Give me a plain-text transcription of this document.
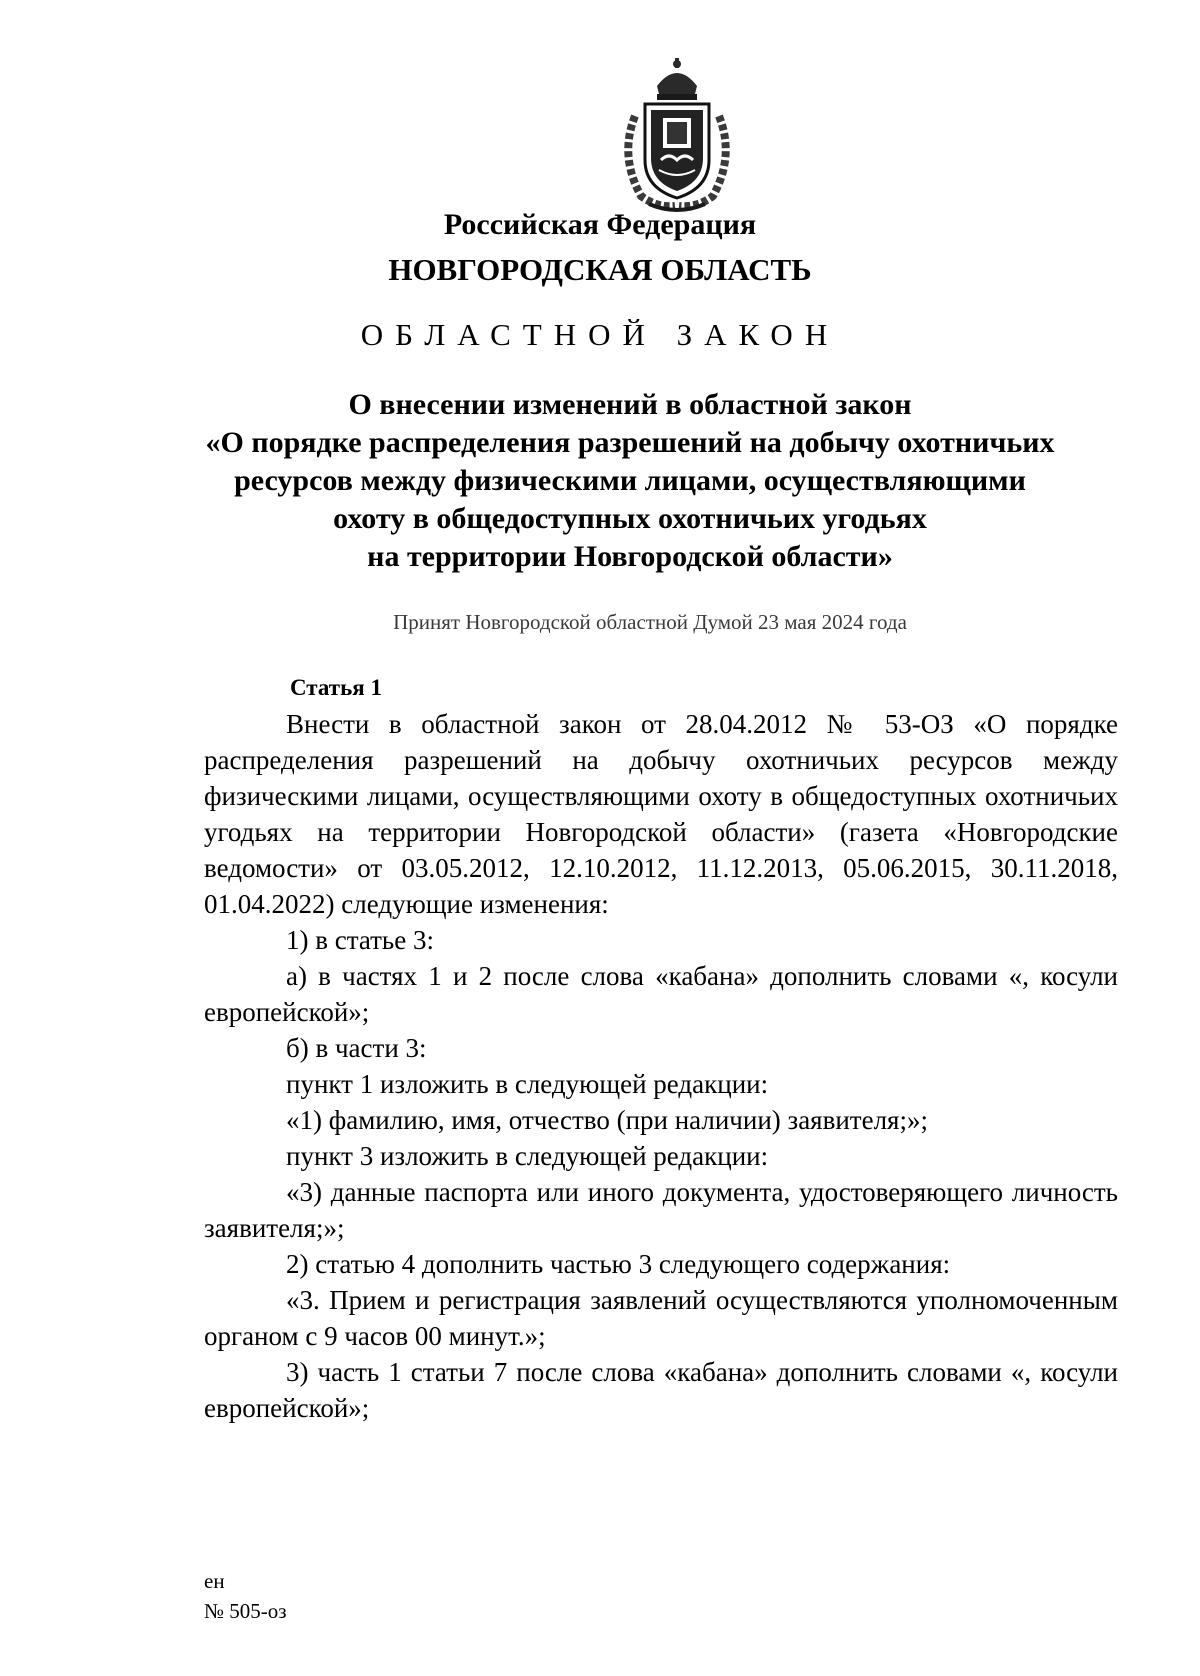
Российская Федерация
НОВГОРОДСКАЯ ОБЛАСТЬ
ОБЛАСТНОЙ ЗАКОН
О внесении изменений в областной закон
«О порядке распределения разрешений на добычу охотничьих
ресурсов между физическими лицами, осуществляющими
охоту в общедоступных охотничьих угодьях
на территории Новгородской области»
Принят Новгородской областной Думой 23 мая 2024 года
Статья 1

Внести в областной закон от 28.04.2012 № 53-ОЗ «О порядке распределения разрешений на добычу охотничьих ресурсов между физическими лицами, осуществляющими охоту в общедоступных охотничьих угодьях на территории Новгородской области» (газета «Новгородские ведомости» от 03.05.2012, 12.10.2012, 11.12.2013, 05.06.2015, 30.11.2018, 01.04.2022) следующие изменения:

1) в статье 3:

а) в частях 1 и 2 после слова «кабана» дополнить словами «, косули европейской»;

б) в части 3:

пункт 1 изложить в следующей редакции:

«1) фамилию, имя, отчество (при наличии) заявителя;»;

пункт 3 изложить в следующей редакции:

«3) данные паспорта или иного документа, удостоверяющего личность заявителя;»;

2) статью 4 дополнить частью 3 следующего содержания:

«3. Прием и регистрация заявлений осуществляются уполномоченным органом с 9 часов 00 минут.»;

3) часть 1 статьи 7 после слова «кабана» дополнить словами «, косули европейской»;

ен
№ 505-оз
